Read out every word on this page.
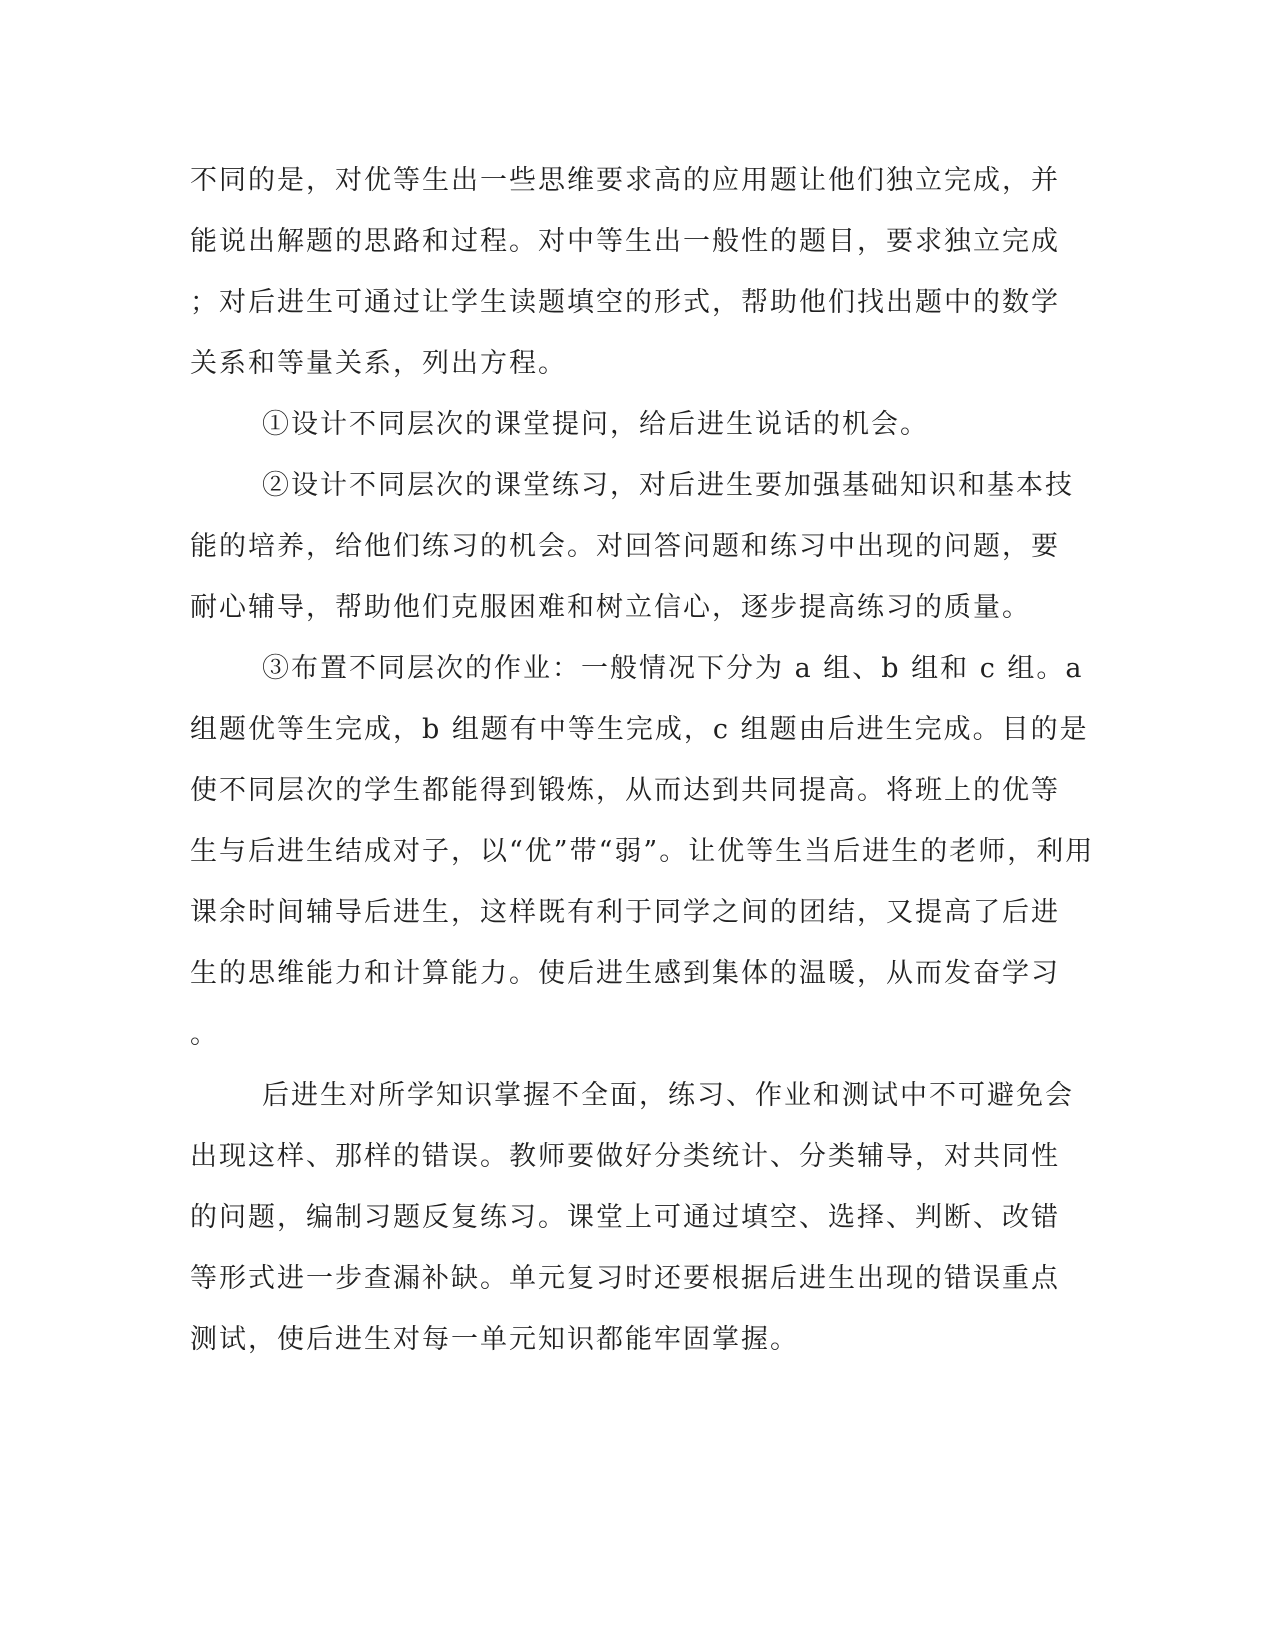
不同的是，对优等生出一些思维要求高的应用题让他们独立完成，并
能说出解题的思路和过程。对中等生出一般性的题目，要求独立完成
；对后进生可通过让学生读题填空的形式，帮助他们找出题中的数学
关系和等量关系，列出方程。
①设计不同层次的课堂提问，给后进生说话的机会。
②设计不同层次的课堂练习，对后进生要加强基础知识和基本技
能的培养，给他们练习的机会。对回答问题和练习中出现的问题，要
耐心辅导，帮助他们克服困难和树立信心，逐步提高练习的质量。
③布置不同层次的作业：一般情况下分为 a 组、b 组和 c 组。a
组题优等生完成，b 组题有中等生完成，c 组题由后进生完成。目的是
使不同层次的学生都能得到锻炼，从而达到共同提高。将班上的优等
生与后进生结成对子，以“优”带“弱”。让优等生当后进生的老师，利用
课余时间辅导后进生，这样既有利于同学之间的团结，又提高了后进
生的思维能力和计算能力。使后进生感到集体的温暖，从而发奋学习
。
后进生对所学知识掌握不全面，练习、作业和测试中不可避免会
出现这样、那样的错误。教师要做好分类统计、分类辅导，对共同性
的问题，编制习题反复练习。课堂上可通过填空、选择、判断、改错
等形式进一步查漏补缺。单元复习时还要根据后进生出现的错误重点
测试，使后进生对每一单元知识都能牢固掌握。
